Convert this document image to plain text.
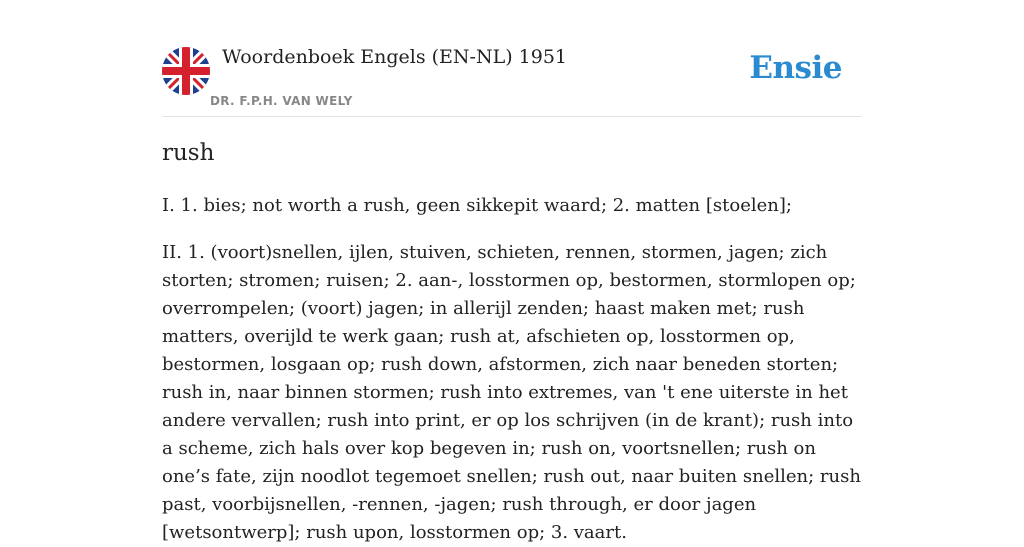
Woordenboek Engels (EN-NL) 1951
DR. F.P.H. VAN WELY
Ensie
rush

I. 1. bies; not worth a rush, geen sikkepit waard; 2. matten [stoelen];

II. 1. (voort)snellen, ijlen, stuiven, schieten, rennen, stormen, jagen; zich storten; stromen; ruisen; 2. aan-, losstormen op, bestormen, stormlopen op; overrompelen; (voort) jagen; in allerijl zenden; haast maken met; rush matters, overijld te werk gaan; rush at, afschieten op, losstormen op, bestormen, losgaan op; rush down, afstormen, zich naar beneden storten; rush in, naar binnen stormen; rush into extremes, van 't ene uiterste in het andere vervallen; rush into print, er op los schrijven (in de krant); rush into a scheme, zich hals over kop begeven in; rush on, voortsnellen; rush on one’s fate, zijn noodlot tegemoet snellen; rush out, naar buiten snellen; rush past, voorbijsnellen, -rennen, -jagen; rush through, er door jagen [wetsontwerp]; rush upon, losstormen op; 3. vaart.
